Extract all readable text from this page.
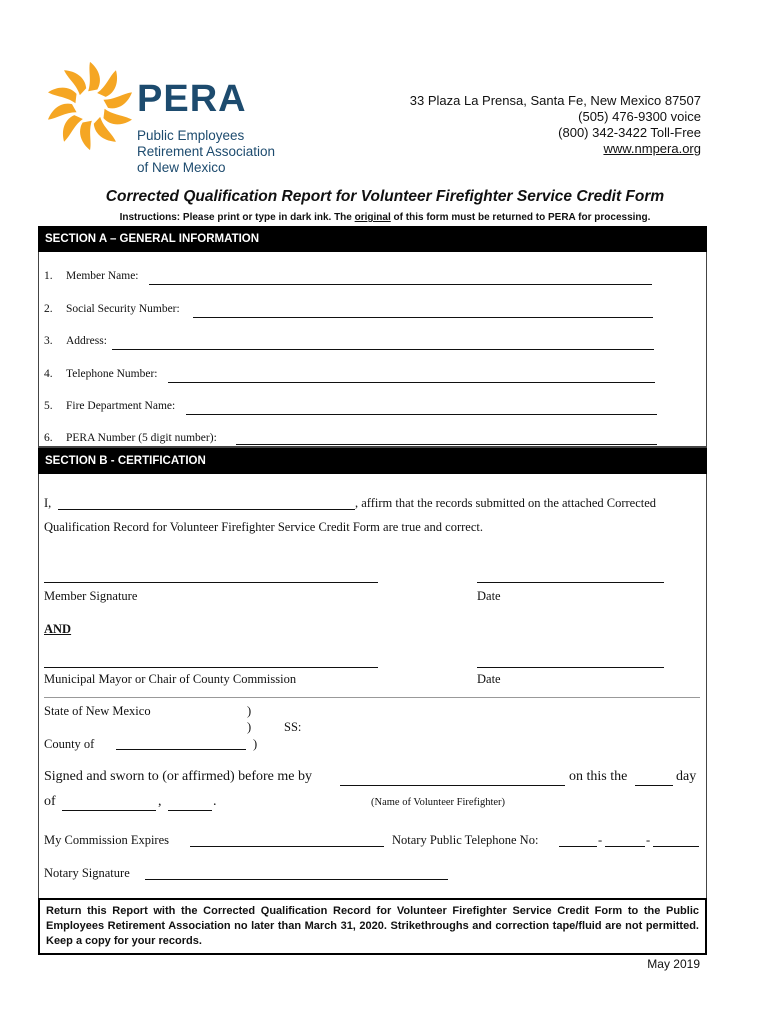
PERA
Public Employees
Retirement Association
of New Mexico
33 Plaza La Prensa, Santa Fe, New Mexico 87507
(505) 476-9300 voice
(800) 342-3422 Toll-Free
www.nmpera.org
Corrected Qualification Report for Volunteer Firefighter Service Credit Form
Instructions: Please print or type in dark ink. The original of this form must be returned to PERA for processing.
SECTION A – GENERAL INFORMATION
1. Member Name:
2. Social Security Number:
3. Address:
4. Telephone Number:
5. Fire Department Name:
6. PERA Number (5 digit number):
SECTION B - CERTIFICATION
I,	, affirm that the records submitted on the attached Corrected
Qualification Record for Volunteer Firefighter Service Credit Form are true and correct.
Member Signature	Date
AND
Municipal Mayor or Chair of County Commission	Date
State of New Mexico	)
)	SS:
County of	)
Signed and sworn to (or affirmed) before me by	on this the	day
of	,	.	(Name of Volunteer Firefighter)
My Commission Expires	Notary Public Telephone No:	-	-
Notary Signature
Return this Report with the Corrected Qualification Record for Volunteer Firefighter Service Credit Form to the Public Employees Retirement Association no later than March 31, 2020. Strikethroughs and correction tape/fluid are not permitted. Keep a copy for your records.
May 2019
